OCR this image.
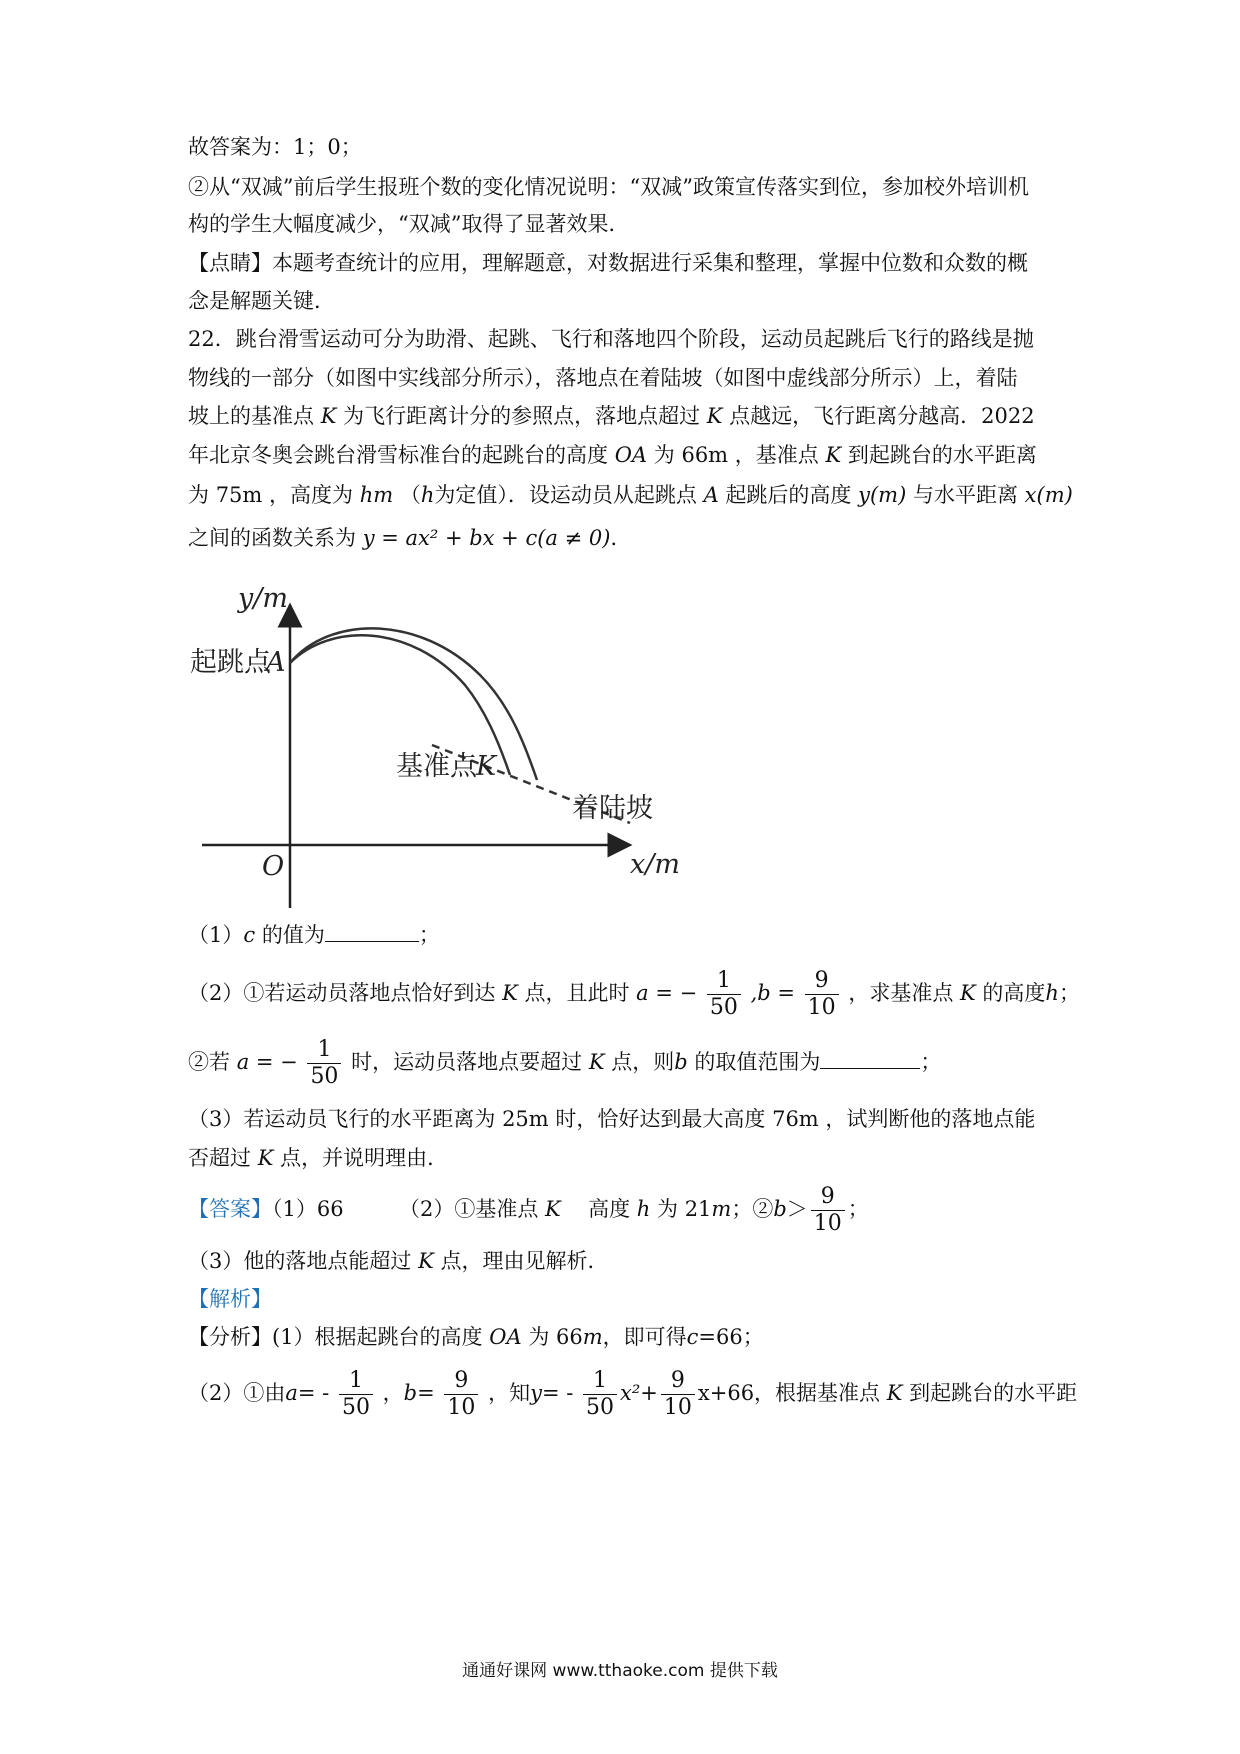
故答案为：1；0；
②从“双减”前后学生报班个数的变化情况说明：“双减”政策宣传落实到位，参加校外培训机
构的学生大幅度减少，“双减”取得了显著效果．
【点睛】本题考查统计的应用，理解题意，对数据进行采集和整理，掌握中位数和众数的概
念是解题关键．
22．跳台滑雪运动可分为助滑、起跳、飞行和落地四个阶段，运动员起跳后飞行的路线是抛
物线的一部分（如图中实线部分所示），落地点在着陆坡（如图中虚线部分所示）上，着陆
坡上的基准点 K 为飞行距离计分的参照点，落地点超过 K 点越远，飞行距离分越高．2022
年北京冬奥会跳台滑雪标准台的起跳台的高度 OA 为 66m ，基准点 K 到起跳台的水平距离
为 75m ，高度为 hm （h为定值）．设运动员从起跳点 A 起跳后的高度 y(m) 与水平距离 x(m)
之间的函数关系为 y = ax² + bx + c(a ≠ 0)．
y/m
x/m
O
起跳点
A
基准点 K
着陆坡
（1）c 的值为	；
（2）①若运动员落地点恰好到达 K 点，且此时 a = − $\frac{1}{50} ,b = \frac{9}{10}$ ，求基准点 K 的高度h；
②若 a = − $\frac{1}{50}$ 时，运动员落地点要超过 K 点，则b 的取值范围为	；
（3）若运动员飞行的水平距离为 25m 时，恰好达到最大高度 76m ，试判断他的落地点能
否超过 K 点，并说明理由．
【答案】（1）66	（2）①基准点 K 高度 h 为 21m；②b＞ $\frac{9}{10}$ ；
（3）他的落地点能超过 K 点，理由见解析．
【解析】
【分析】(1）根据起跳台的高度 OA 为 66m，即可得c=66；
（2）①由$a= - \frac{1}{50}$ ，$b= \frac{9}{10}$ ，知$y= - \frac{1}{50} x^2+ \frac{9}{10} x+66$，根据基准点 K 到起跳台的水平距
通通好课网 www.tthaoke.com 提供下载
